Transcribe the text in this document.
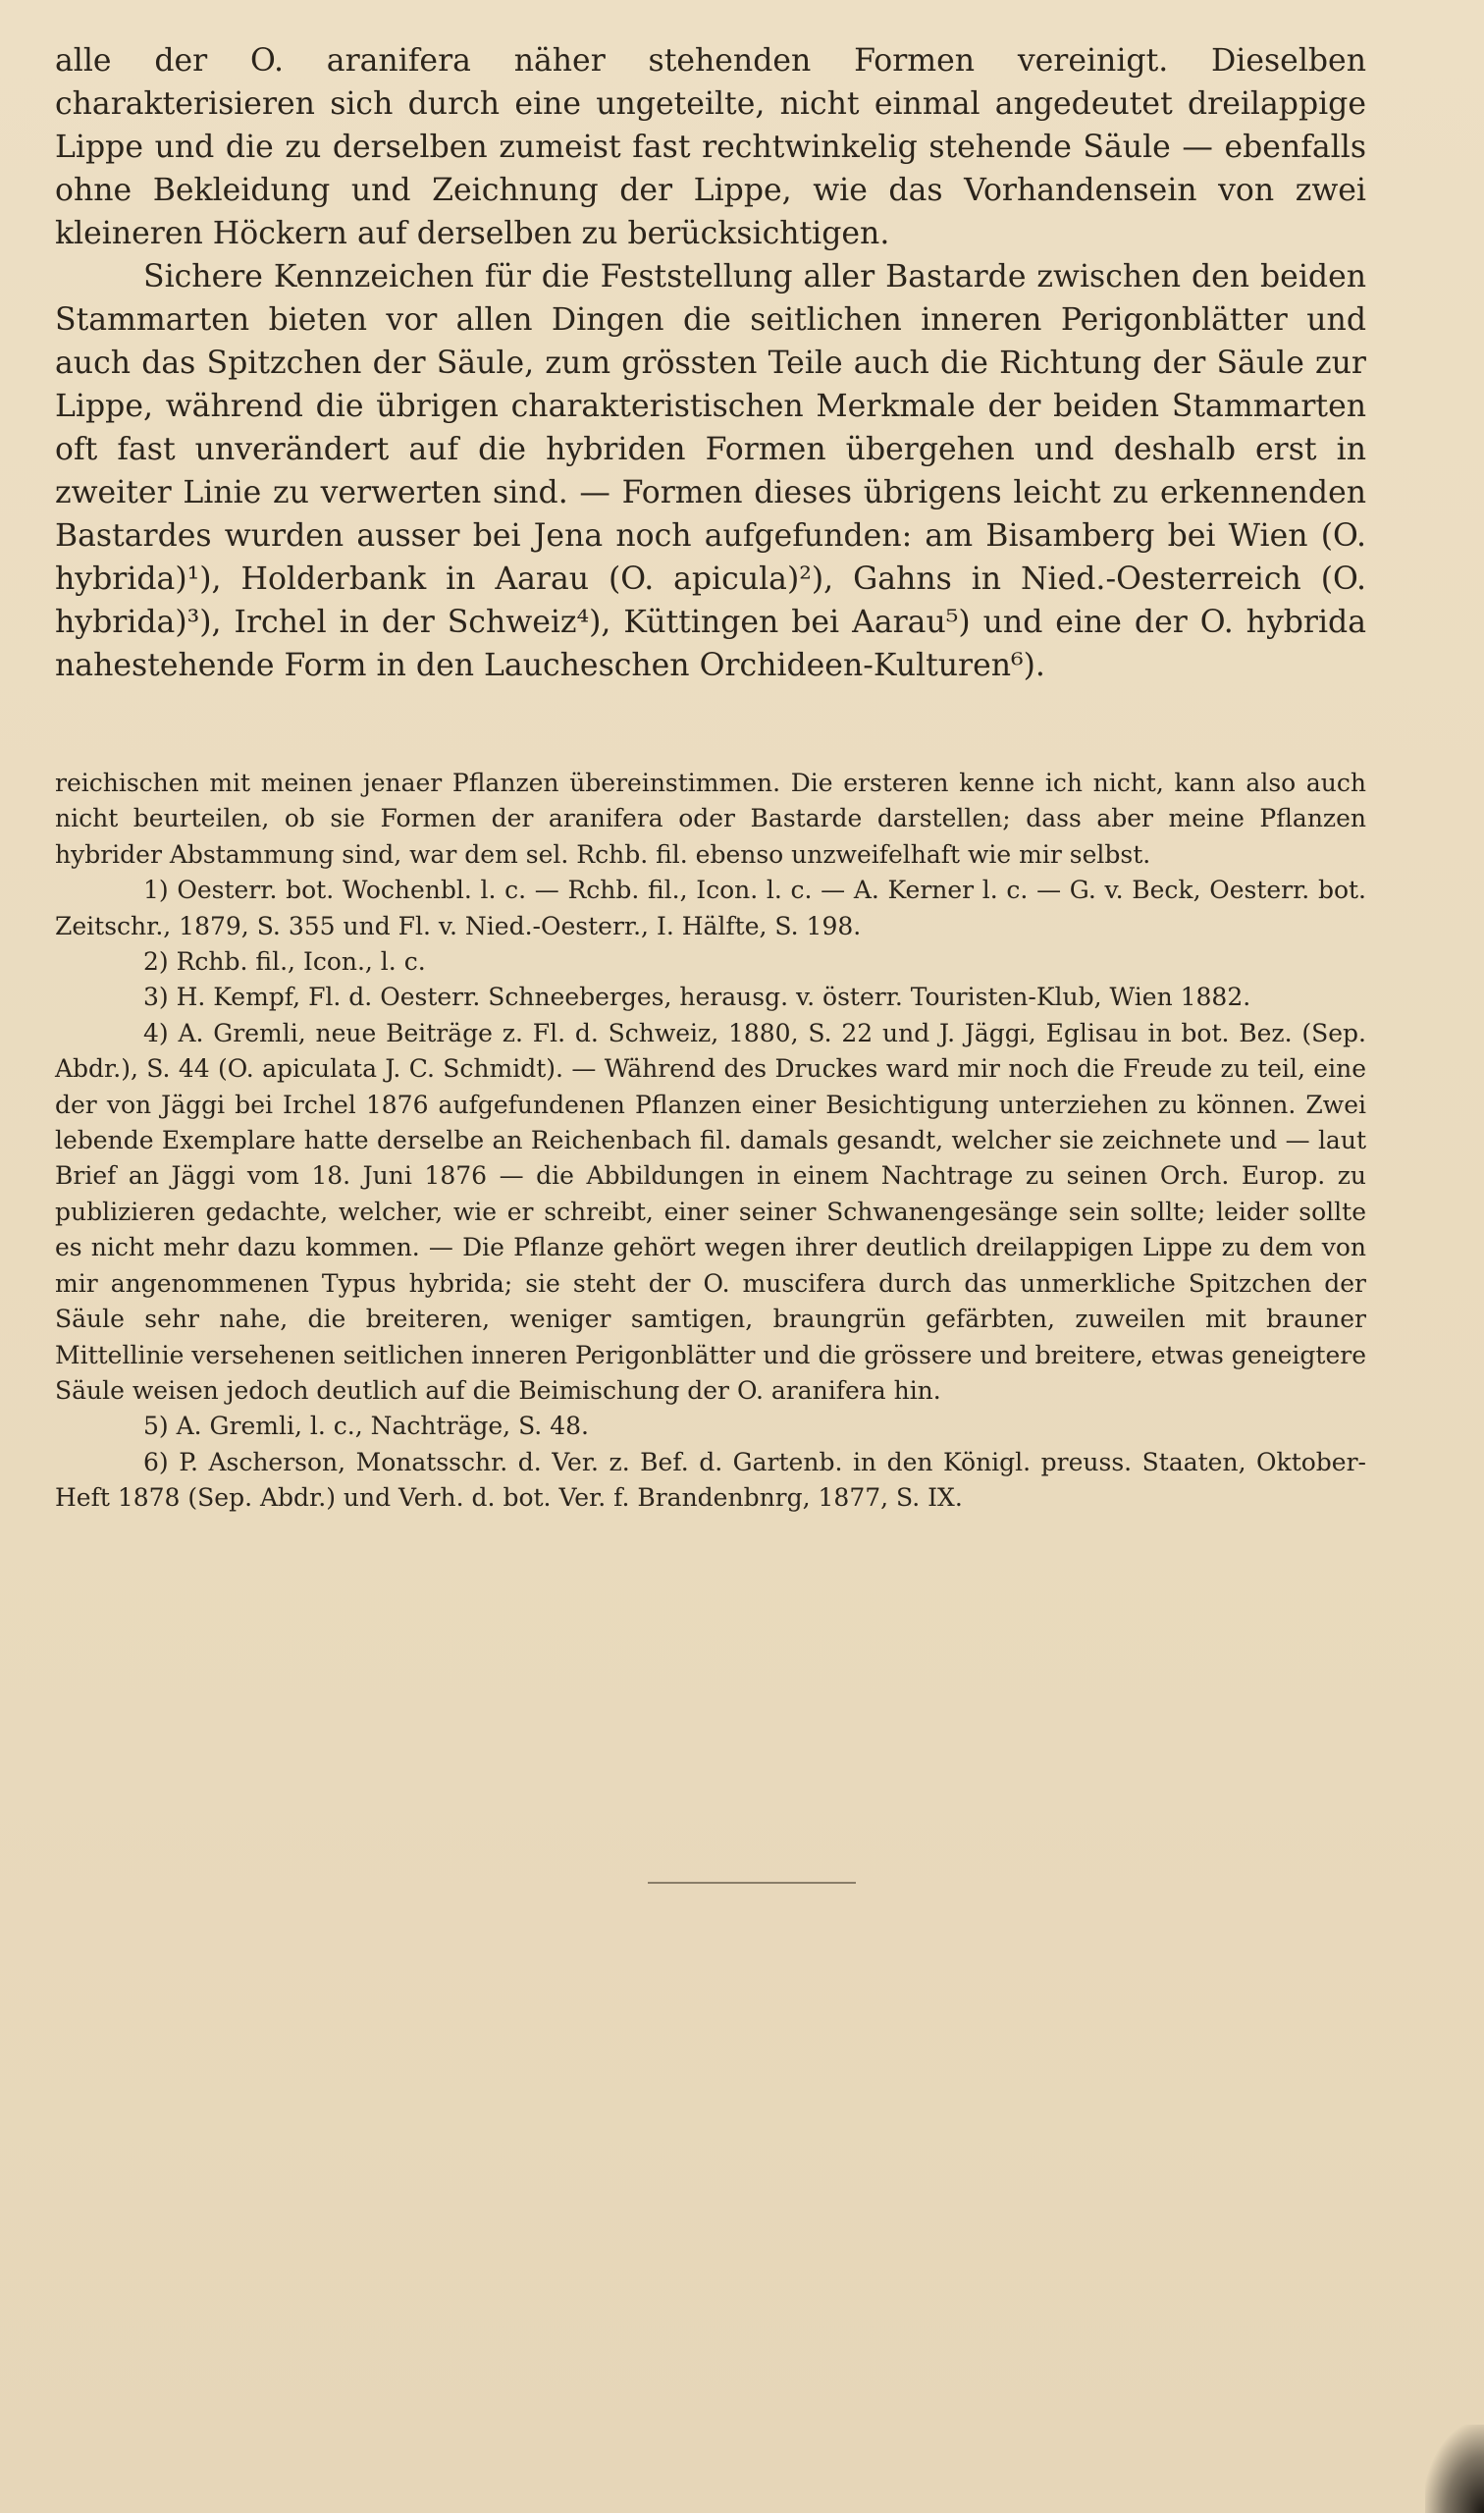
alle der O. aranifera näher stehenden Formen vereinigt. Dieselben charakterisieren sich durch eine ungeteilte, nicht einmal angedeutet dreilappige Lippe und die zu derselben zumeist fast rechtwinkelig stehende Säule — ebenfalls ohne Bekleidung und Zeichnung der Lippe, wie das Vorhandensein von zwei kleineren Höckern auf derselben zu berücksichtigen.

Sichere Kennzeichen für die Feststellung aller Bastarde zwischen den beiden Stammarten bieten vor allen Dingen die seitlichen inneren Perigonblätter und auch das Spitzchen der Säule, zum grössten Teile auch die Richtung der Säule zur Lippe, während die übrigen charakteristischen Merkmale der beiden Stammarten oft fast unverändert auf die hybriden Formen übergehen und deshalb erst in zweiter Linie zu verwerten sind. — Formen dieses übrigens leicht zu erkennenden Bastardes wurden ausser bei Jena noch aufgefunden: am Bisamberg bei Wien (O. hybrida)¹), Holderbank in Aarau (O. apicula)²), Gahns in Nied.-Oesterreich (O. hybrida)³), Irchel in der Schweiz⁴), Küttingen bei Aarau⁵) und eine der O. hybrida nahestehende Form in den Laucheschen Orchideen-Kulturen⁶).

reichischen mit meinen jenaer Pflanzen übereinstimmen. Die ersteren kenne ich nicht, kann also auch nicht beurteilen, ob sie Formen der aranifera oder Bastarde darstellen; dass aber meine Pflanzen hybrider Abstammung sind, war dem sel. Rchb. fil. ebenso unzweifelhaft wie mir selbst.

1) Oesterr. bot. Wochenbl. l. c. — Rchb. fil., Icon. l. c. — A. Kerner l. c. — G. v. Beck, Oesterr. bot. Zeitschr., 1879, S. 355 und Fl. v. Nied.-Oesterr., I. Hälfte, S. 198.

2) Rchb. fil., Icon., l. c.

3) H. Kempf, Fl. d. Oesterr. Schneeberges, herausg. v. österr. Touristen-Klub, Wien 1882.

4) A. Gremli, neue Beiträge z. Fl. d. Schweiz, 1880, S. 22 und J. Jäggi, Eglisau in bot. Bez. (Sep. Abdr.), S. 44 (O. apiculata J. C. Schmidt). — Während des Druckes ward mir noch die Freude zu teil, eine der von Jäggi bei Irchel 1876 aufgefundenen Pflanzen einer Besichtigung unterziehen zu können. Zwei lebende Exemplare hatte derselbe an Reichenbach fil. damals gesandt, welcher sie zeichnete und — laut Brief an Jäggi vom 18. Juni 1876 — die Abbildungen in einem Nachtrage zu seinen Orch. Europ. zu publizieren gedachte, welcher, wie er schreibt, einer seiner Schwanengesänge sein sollte; leider sollte es nicht mehr dazu kommen. — Die Pflanze gehört wegen ihrer deutlich dreilappigen Lippe zu dem von mir angenommenen Typus hybrida; sie steht der O. muscifera durch das unmerkliche Spitzchen der Säule sehr nahe, die breiteren, weniger samtigen, braungrün gefärbten, zuweilen mit brauner Mittellinie versehenen seitlichen inneren Perigonblätter und die grössere und breitere, etwas geneigtere Säule weisen jedoch deutlich auf die Beimischung der O. aranifera hin.

5) A. Gremli, l. c., Nachträge, S. 48.

6) P. Ascherson, Monatsschr. d. Ver. z. Bef. d. Gartenb. in den Königl. preuss. Staaten, Oktober-Heft 1878 (Sep. Abdr.) und Verh. d. bot. Ver. f. Brandenbnrg, 1877, S. IX.
